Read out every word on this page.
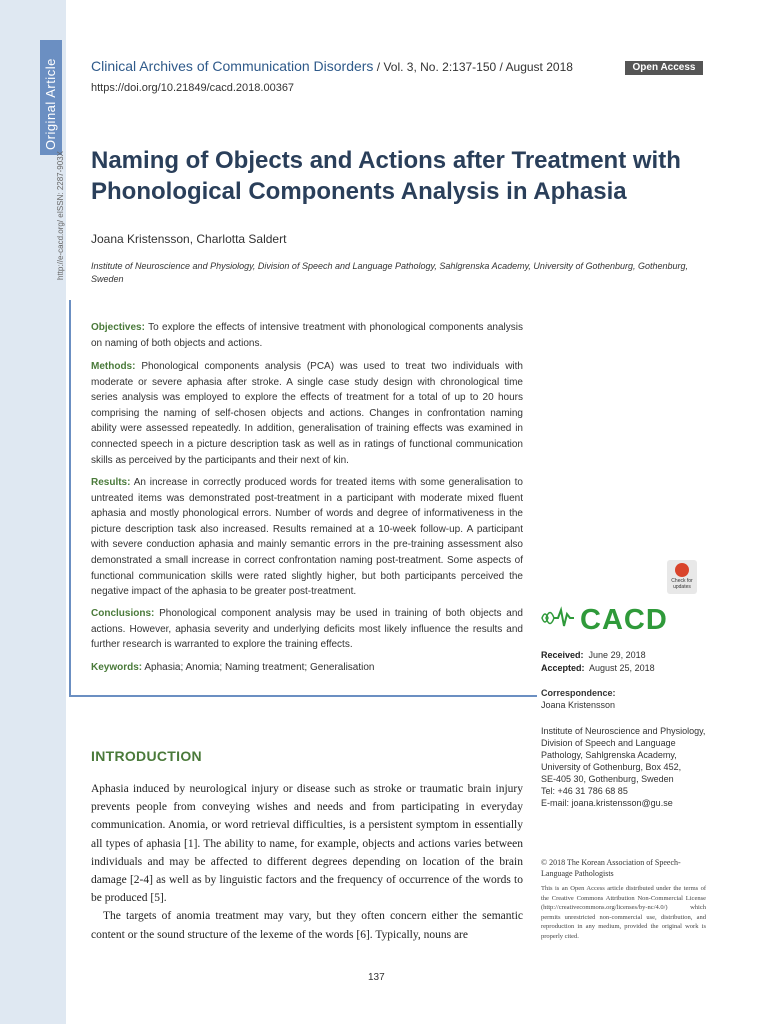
Original Article
http://e-cacd.org/ eISSN: 2287-903X
Clinical Archives of Communication Disorders / Vol. 3, No. 2:137-150 / August 2018
https://doi.org/10.21849/cacd.2018.00367
Open Access
Naming of Objects and Actions after Treatment with Phonological Components Analysis in Aphasia
Joana Kristensson, Charlotta Saldert
Institute of Neuroscience and Physiology, Division of Speech and Language Pathology, Sahlgrenska Academy, University of Gothenburg, Gothenburg, Sweden

Objectives: To explore the effects of intensive treatment with phonological components analysis on naming of both objects and actions.

Methods: Phonological components analysis (PCA) was used to treat two individuals with moderate or severe aphasia after stroke. A single case study design with chronological time series analysis was employed to explore the effects of treatment for a total of up to 20 hours comprising the naming of self-chosen objects and actions. Changes in confrontation naming ability were assessed repeatedly. In addition, generalisation of training effects was examined in connected speech in a picture description task as well as in ratings of functional communication skills as perceived by the participants and their next of kin.

Results: An increase in correctly produced words for treated items with some generalisation to untreated items was demonstrated post-treatment in a participant with moderate mixed fluent aphasia and mostly phonological errors. Number of words and degree of informativeness in the picture description task also increased. Results remained at a 10-week follow-up. A participant with severe conduction aphasia and mainly semantic errors in the pre-training assessment also demonstrated a small increase in correct confrontation naming post-treatment. Some aspects of functional communication skills were rated slightly higher, but both participants perceived the negative impact of the aphasia to be greater post-treatment.

Conclusions: Phonological component analysis may be used in training of both objects and actions. However, aphasia severity and underlying deficits most likely influence the results and further research is warranted to explore the training effects.

Keywords: Aphasia; Anomia; Naming treatment; Generalisation

Check for updates
CACD
Received: June 29, 2018
Accepted: August 25, 2018
Correspondence:
Joana Kristensson
Institute of Neuroscience and Physiology,
Division of Speech and Language
Pathology, Sahlgrenska Academy,
University of Gothenburg, Box 452,
SE-405 30, Gothenburg, Sweden
Tel: +46 31 786 68 85
E-mail: joana.kristensson@gu.se
© 2018 The Korean Association of Speech-Language Pathologists
This is an Open Access article distributed under the terms of the Creative Commons Attribution Non-Commercial License (http://creativecommons.org/licenses/by-nc/4.0/) which permits unrestricted non-commercial use, distribution, and reproduction in any medium, provided the original work is properly cited.
INTRODUCTION

Aphasia induced by neurological injury or disease such as stroke or traumatic brain injury prevents people from conveying wishes and needs and from participating in everyday communication. Anomia, or word retrieval difficulties, is a persistent symptom in essentially all types of aphasia [1]. The ability to name, for example, objects and actions varies between individuals and may be affected to different degrees depending on location of the brain damage [2-4] as well as by linguistic factors and the frequency of occurrence of the words to be produced [5].

The targets of anomia treatment may vary, but they often concern either the semantic content or the sound structure of the lexeme of the words [6]. Typically, nouns are

137
